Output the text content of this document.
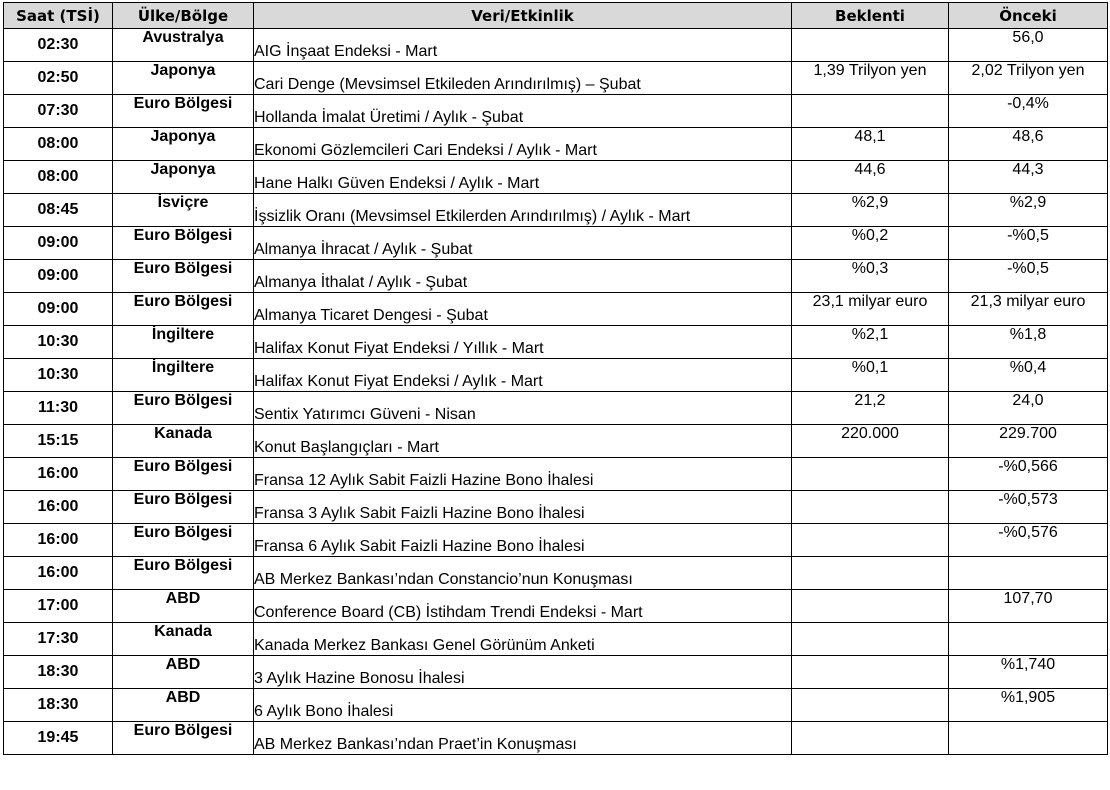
Saat (TSİ)	Ülke/Bölge	Veri/Etkinlik	Beklenti	Önceki
02:30	Avustralya	AIG İnşaat Endeksi - Mart		56,0
02:50	Japonya	Cari Denge (Mevsimsel Etkileden Arındırılmış) – Şubat	1,39 Trilyon yen	2,02 Trilyon yen
07:30	Euro Bölgesi	Hollanda İmalat Üretimi / Aylık - Şubat		-0,4%
08:00	Japonya	Ekonomi Gözlemcileri Cari Endeksi / Aylık - Mart	48,1	48,6
08:00	Japonya	Hane Halkı Güven Endeksi / Aylık - Mart	44,6	44,3
08:45	İsviçre	İşsizlik Oranı (Mevsimsel Etkilerden Arındırılmış) / Aylık - Mart	%2,9	%2,9
09:00	Euro Bölgesi	Almanya İhracat / Aylık - Şubat	%0,2	-%0,5
09:00	Euro Bölgesi	Almanya İthalat / Aylık - Şubat	%0,3	-%0,5
09:00	Euro Bölgesi	Almanya Ticaret Dengesi - Şubat	23,1 milyar euro	21,3 milyar euro
10:30	İngiltere	Halifax Konut Fiyat Endeksi / Yıllık - Mart	%2,1	%1,8
10:30	İngiltere	Halifax Konut Fiyat Endeksi / Aylık - Mart	%0,1	%0,4
11:30	Euro Bölgesi	Sentix Yatırımcı Güveni - Nisan	21,2	24,0
15:15	Kanada	Konut Başlangıçları - Mart	220.000	229.700
16:00	Euro Bölgesi	Fransa 12 Aylık Sabit Faizli Hazine Bono İhalesi		-%0,566
16:00	Euro Bölgesi	Fransa 3 Aylık Sabit Faizli Hazine Bono İhalesi		-%0,573
16:00	Euro Bölgesi	Fransa 6 Aylık Sabit Faizli Hazine Bono İhalesi		-%0,576
16:00	Euro Bölgesi	AB Merkez Bankası’ndan Constancio’nun Konuşması		
17:00	ABD	Conference Board (CB) İstihdam Trendi Endeksi - Mart		107,70
17:30	Kanada	Kanada Merkez Bankası Genel Görünüm Anketi		
18:30	ABD	3 Aylık Hazine Bonosu İhalesi		%1,740
18:30	ABD	6 Aylık Bono İhalesi		%1,905
19:45	Euro Bölgesi	AB Merkez Bankası’ndan Praet’in Konuşması		
